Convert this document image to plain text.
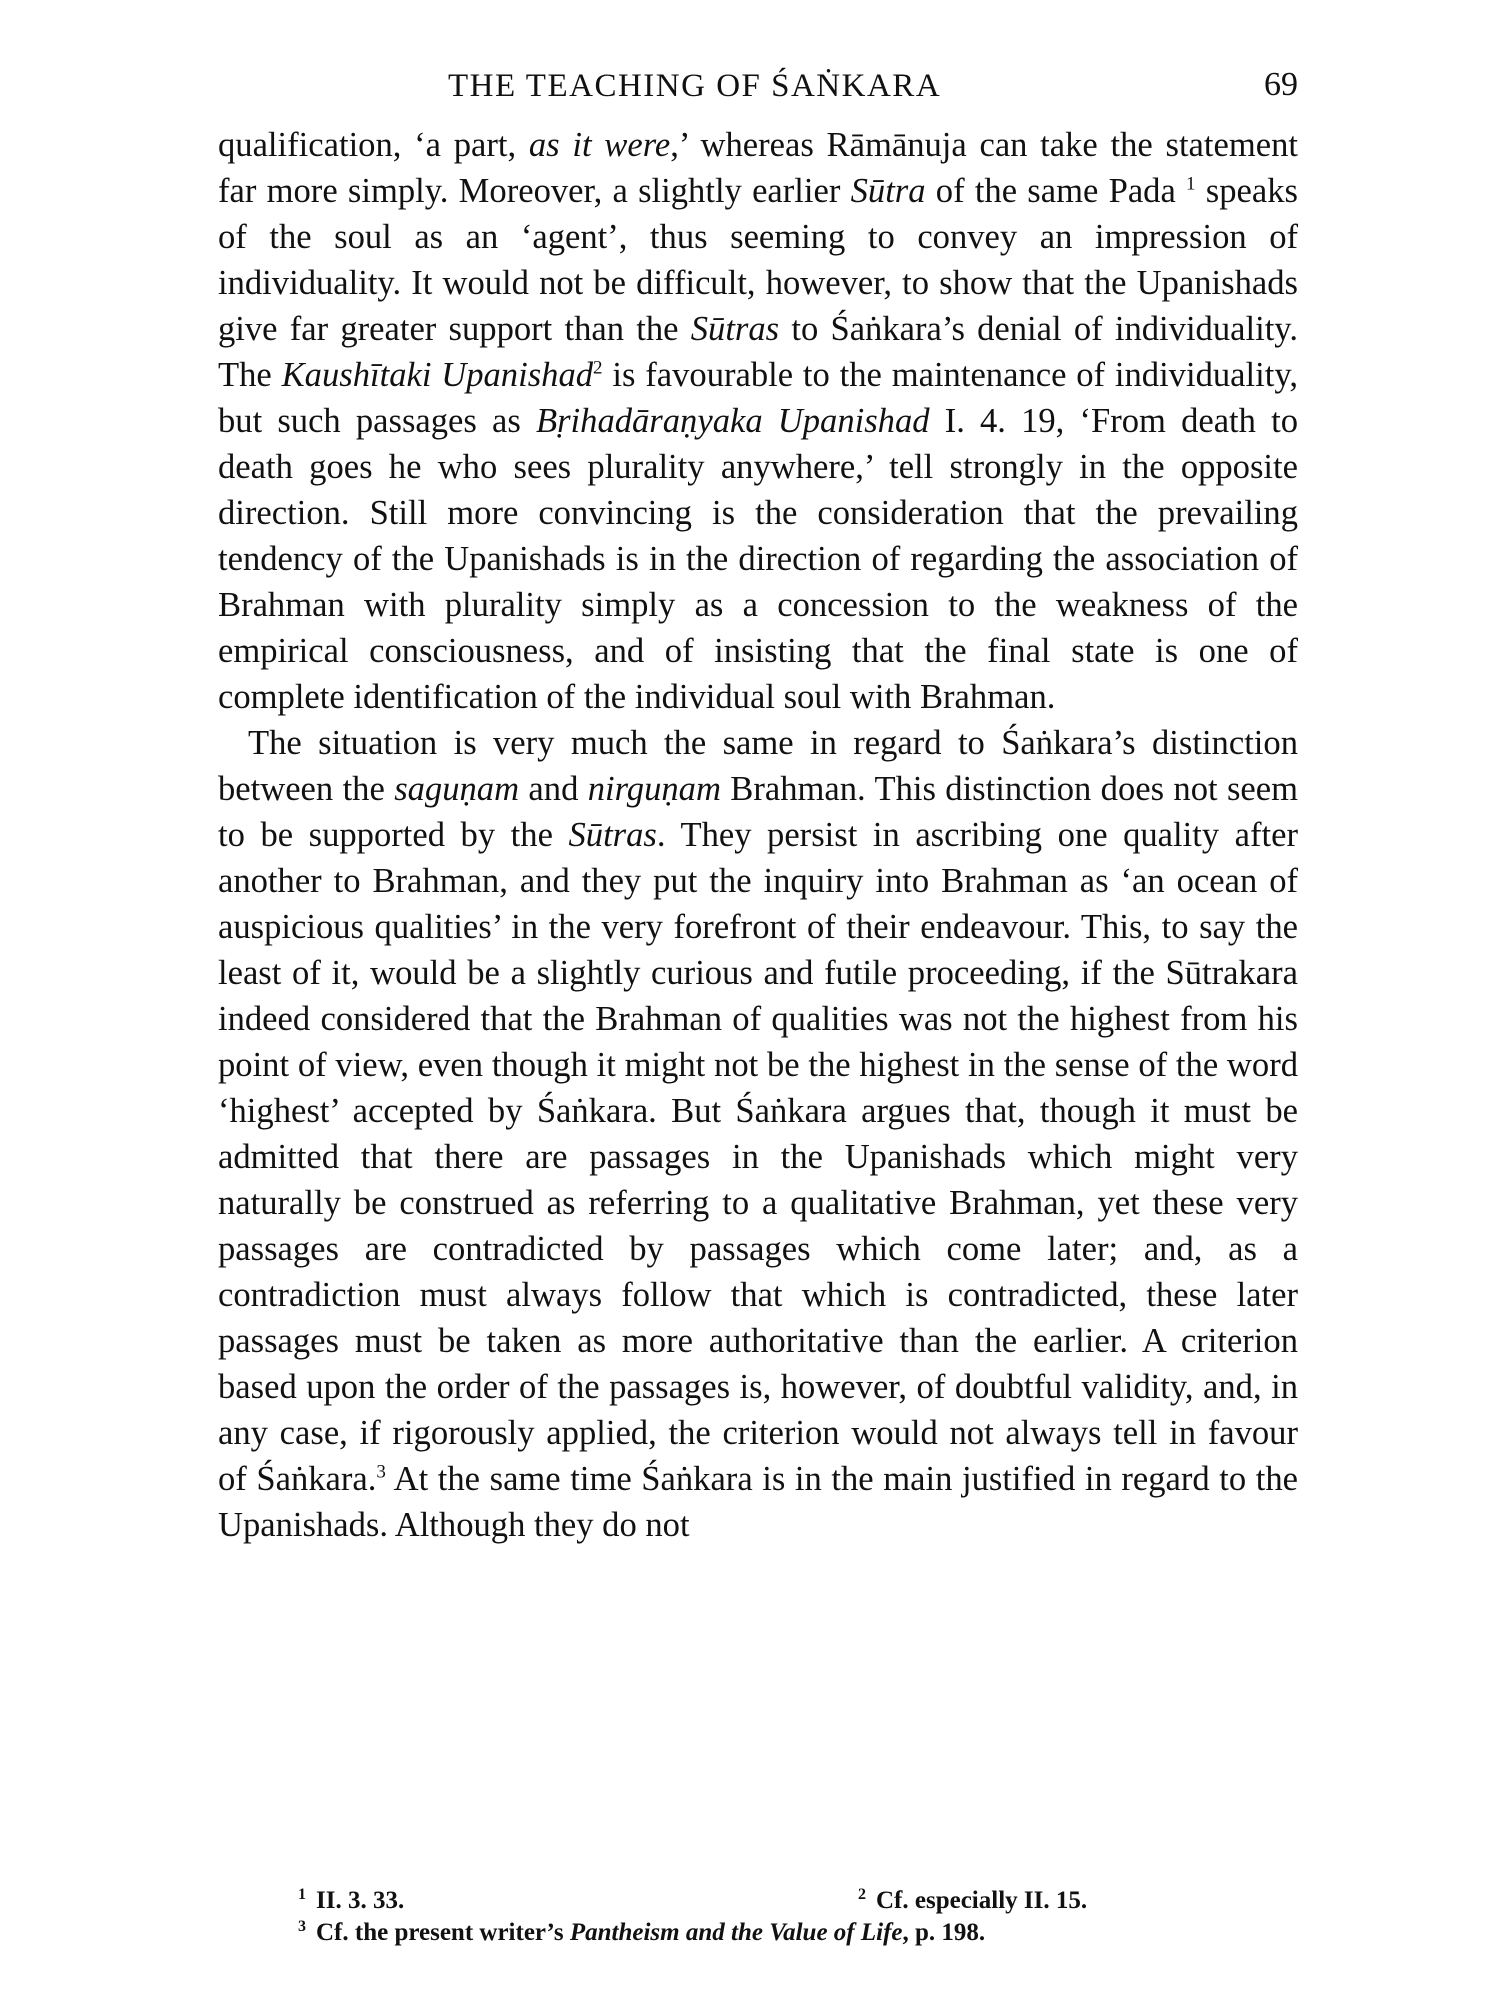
THE TEACHING OF ŚAṄKARA	69

qualification, ‘a part, as it were,’ whereas Rāmānuja can take the statement far more simply. Moreover, a slightly earlier Sūtra of the same Pada $^1$ speaks of the soul as an ‘agent’, thus seeming to convey an impression of individuality. It would not be difficult, however, to show that the Upanishads give far greater support than the Sūtras to Śaṅkara’s denial of individuality. The Kaushītaki Upanishad$^2$ is favourable to the maintenance of individuality, but such passages as Bṛihadāraṇyaka Upanishad I. 4. 19, ‘From death to death goes he who sees plurality anywhere,’ tell strongly in the opposite direction. Still more convincing is the consideration that the prevailing tendency of the Upanishads is in the direction of regarding the association of Brahman with plurality simply as a concession to the weakness of the empirical consciousness, and of insisting that the final state is one of complete identification of the individual soul with Brahman.

The situation is very much the same in regard to Śaṅkara’s distinction between the saguṇam and nirguṇam Brahman. This distinction does not seem to be supported by the Sūtras. They persist in ascribing one quality after another to Brahman, and they put the inquiry into Brahman as ‘an ocean of auspicious qualities’ in the very forefront of their endeavour. This, to say the least of it, would be a slightly curious and futile proceeding, if the Sūtrakara indeed considered that the Brahman of qualities was not the highest from his point of view, even though it might not be the highest in the sense of the word ‘highest’ accepted by Śaṅkara. But Śaṅkara argues that, though it must be admitted that there are passages in the Upanishads which might very naturally be construed as referring to a qualitative Brahman, yet these very passages are contradicted by passages which come later; and, as a contradiction must always follow that which is contradicted, these later passages must be taken as more authoritative than the earlier. A criterion based upon the order of the passages is, however, of doubtful validity, and, in any case, if rigorously applied, the criterion would not always tell in favour of Śaṅkara.$^3$ At the same time Śaṅkara is in the main justified in regard to the Upanishads. Although they do not

$^1$ II. 3. 33.	$^2$ Cf. especially II. 15.
$^3$ Cf. the present writer’s Pantheism and the Value of Life, p. 198.
